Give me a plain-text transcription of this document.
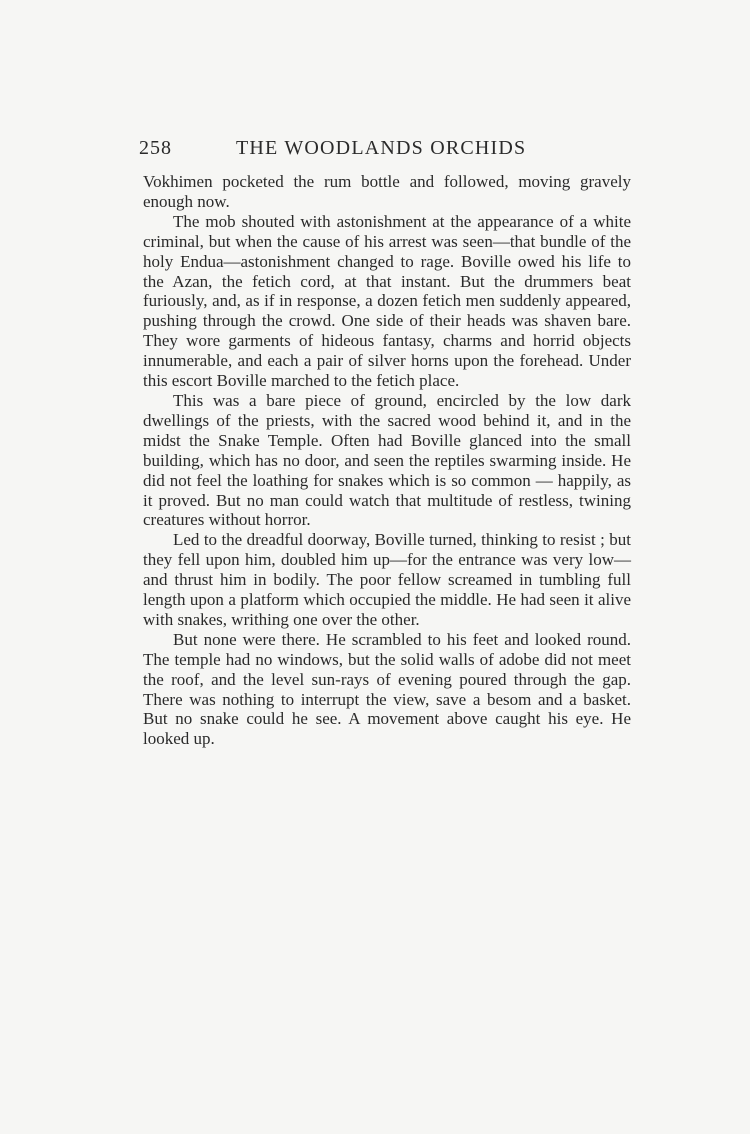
258	THE WOODLANDS ORCHIDS

Vokhimen pocketed the rum bottle and followed, moving gravely enough now.

The mob shouted with astonishment at the appearance of a white criminal, but when the cause of his arrest was seen—that bundle of the holy Endua—astonishment changed to rage. Boville owed his life to the Azan, the fetich cord, at that instant. But the drummers beat furiously, and, as if in response, a dozen fetich men suddenly appeared, pushing through the crowd. One side of their heads was shaven bare. They wore garments of hideous fantasy, charms and horrid objects innumerable, and each a pair of silver horns upon the forehead. Under this escort Boville marched to the fetich place.

This was a bare piece of ground, encircled by the low dark dwellings of the priests, with the sacred wood behind it, and in the midst the Snake Temple. Often had Boville glanced into the small building, which has no door, and seen the reptiles swarming inside. He did not feel the loathing for snakes which is so common — happily, as it proved. But no man could watch that multitude of restless, twining creatures without horror.

Led to the dreadful doorway, Boville turned, thinking to resist ; but they fell upon him, doubled him up—for the entrance was very low—and thrust him in bodily. The poor fellow screamed in tumbling full length upon a platform which occupied the middle. He had seen it alive with snakes, writhing one over the other.

But none were there. He scrambled to his feet and looked round. The temple had no windows, but the solid walls of adobe did not meet the roof, and the level sun-rays of evening poured through the gap. There was nothing to interrupt the view, save a besom and a basket. But no snake could he see. A movement above caught his eye. He looked up.
